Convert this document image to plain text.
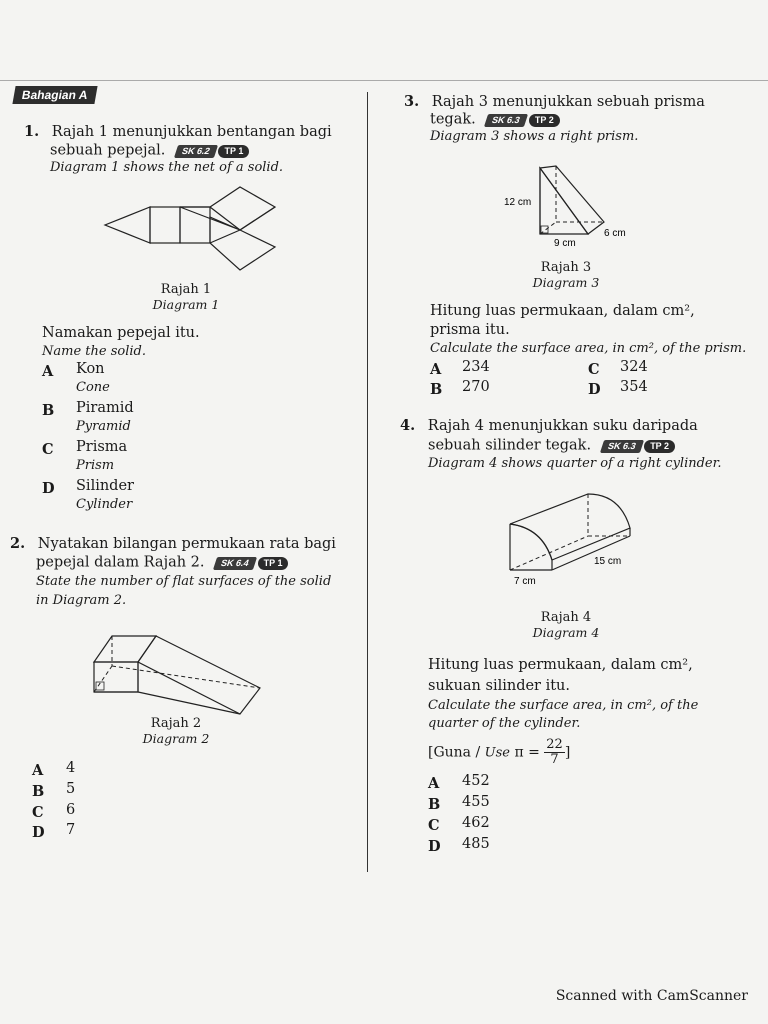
Bahagian A
1. Rajah 1 menunjukkan bentangan bagi
sebuah pepejal. SK 6.2 TP 1
Diagram 1 shows the net of a solid.
Rajah 1
Diagram 1
Namakan pepejal itu.
Name the solid.
A Kon
Cone
B Piramid
Pyramid
C Prisma
Prism
D Silinder
Cylinder
2. Nyatakan bilangan permukaan rata bagi
pepejal dalam Rajah 2. SK 6.4 TP 1
State the number of flat surfaces of the solid
in Diagram 2.
Rajah 2
Diagram 2
A 4
B 5
C 6
D 7
3. Rajah 3 menunjukkan sebuah prisma
tegak. SK 6.3 TP 2
Diagram 3 shows a right prism.
12 cm
6 cm
9 cm
Rajah 3
Diagram 3
Hitung luas permukaan, dalam cm²,
prisma itu.
Calculate the surface area, in cm², of the prism.
A 234
B 270
C 324
D 354
4. Rajah 4 menunjukkan suku daripada
sebuah silinder tegak. SK 6.3 TP 2
Diagram 4 shows quarter of a right cylinder.
15 cm
7 cm
Rajah 4
Diagram 4
Hitung luas permukaan, dalam cm²,
sukuan silinder itu.
Calculate the surface area, in cm², of the
quarter of the cylinder.
[Guna / Use $\pi = \frac{22}{7}$ ]
A 452
B 455
C 462
D 485
Scanned with CamScanner
